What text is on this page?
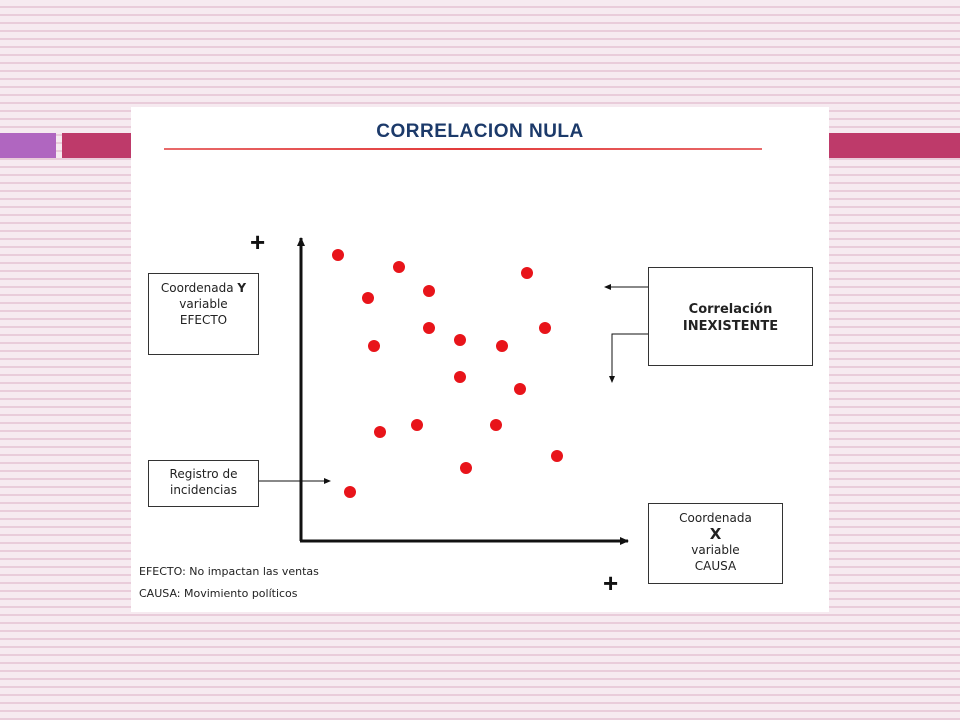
CORRELACION NULA
+
+
Coordenada Y
variable
EFECTO
Registro de
incidencias
Correlación
INEXISTENTE
Coordenada
X
variable
CAUSA
EFECTO: No impactan las ventas
CAUSA: Movimiento políticos
